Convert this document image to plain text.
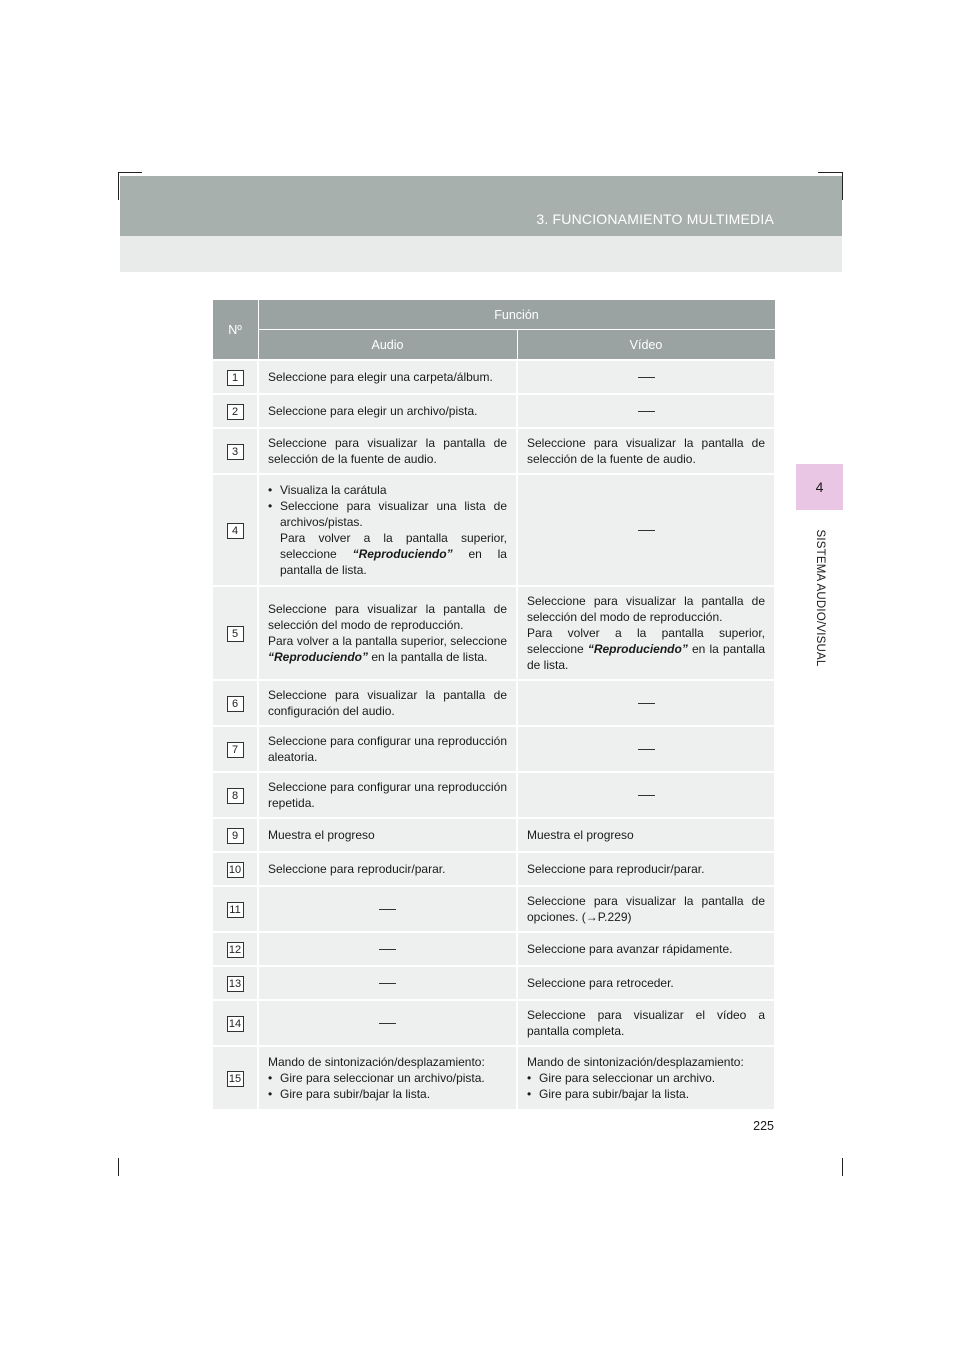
3. FUNCIONAMIENTO MULTIMEDIA
4
SISTEMA AUDIO/VISUAL
Nº	Función	
	Audio	Vídeo
1	Seleccione para elegir una carpeta/álbum.	
2	Seleccione para elegir un archivo/pista.	
3	Seleccione para visualizar la pantalla de selección de la fuente de audio.	Seleccione para visualizar la pantalla de selección de la fuente de audio.
4	• Visualiza la carátula
• Seleccione para visualizar una lista de archivos/pistas.
Para volver a la pantalla superior, seleccione “Reproduciendo” en la pantalla de lista.

5	Seleccione para visualizar la pantalla de selección del modo de reproducción.
Para volver a la pantalla superior, seleccione “Reproduciendo” en la pantalla de lista.	Seleccione para visualizar la pantalla de selección del modo de reproducción.
Para volver a la pantalla superior, seleccione “Reproduciendo” en la pantalla de lista.

6	Seleccione para visualizar la pantalla de configuración del audio.	
7	Seleccione para configurar una reproducción aleatoria.	
8	Seleccione para configurar una reproducción repetida.	
9	Muestra el progreso	Muestra el progreso
10	Seleccione para reproducir/parar.	Seleccione para reproducir/parar.
11		Seleccione para visualizar la pantalla de opciones. (→P.229)
12		Seleccione para avanzar rápidamente.
13		Seleccione para retroceder.
14		Seleccione para visualizar el vídeo a pantalla completa.
15	Mando de sintonización/desplazamiento:
• Gire para seleccionar un archivo/pista.
• Gire para subir/bajar la lista.	Mando de sintonización/desplazamiento:
• Gire para seleccionar un archivo.
• Gire para subir/bajar la lista.
225
